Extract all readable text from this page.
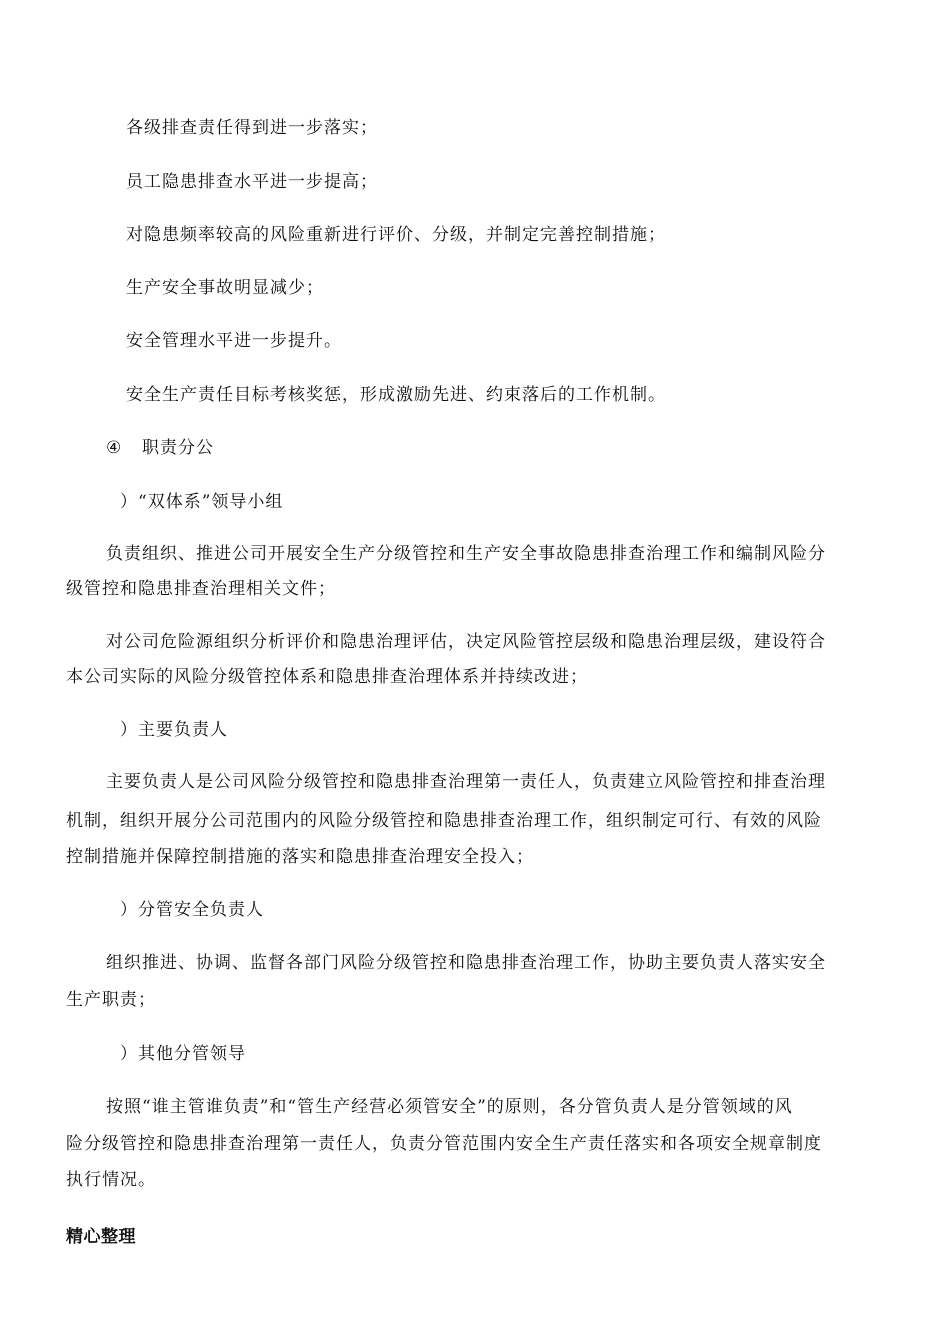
各级排查责任得到进一步落实；
员工隐患排查水平进一步提高；
对隐患频率较高的风险重新进行评价、分级，并制定完善控制措施；
生产安全事故明显减少；
安全管理水平进一步提升。
安全生产责任目标考核奖惩，形成激励先进、约束落后的工作机制。
④ 职责分公
）“双体系”领导小组
负责组织、推进公司开展安全生产分级管控和生产安全事故隐患排查治理工作和编制风险分
级管控和隐患排查治理相关文件；
对公司危险源组织分析评价和隐患治理评估，决定风险管控层级和隐患治理层级，建设符合
本公司实际的风险分级管控体系和隐患排查治理体系并持续改进；
）主要负责人
主要负责人是公司风险分级管控和隐患排查治理第一责任人，负责建立风险管控和排查治理
机制，组织开展分公司范围内的风险分级管控和隐患排查治理工作，组织制定可行、有效的风险
控制措施并保障控制措施的落实和隐患排查治理安全投入；
）分管安全负责人
组织推进、协调、监督各部门风险分级管控和隐患排查治理工作，协助主要负责人落实安全
生产职责；
）其他分管领导
按照“谁主管谁负责”和“管生产经营必须管安全”的原则，各分管负责人是分管领域的风
险分级管控和隐患排查治理第一责任人，负责分管范围内安全生产责任落实和各项安全规章制度
执行情况。
精心整理
